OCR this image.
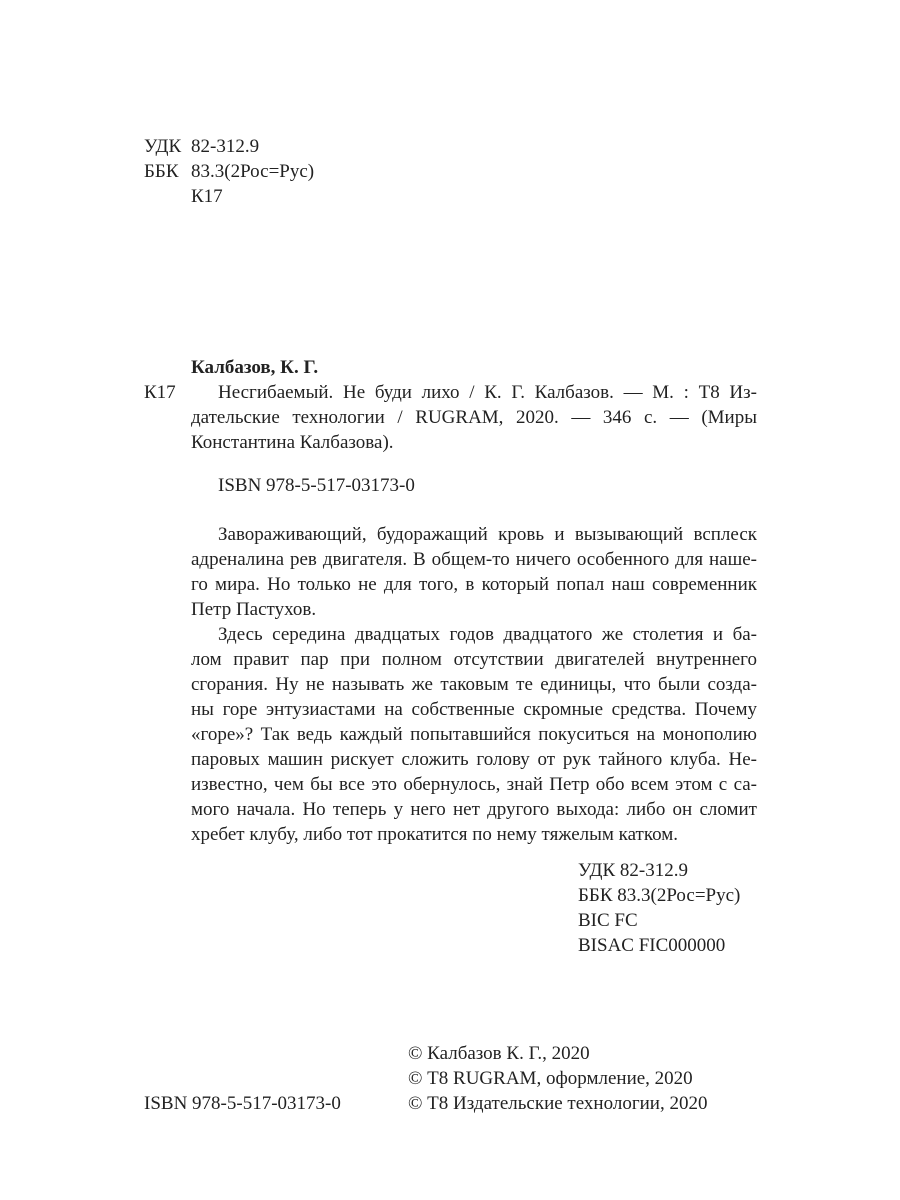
УДК 82-312.9
ББК 83.3(2Рос=Рус)
К17
Калбазов, К. Г.
К17	Несгибаемый. Не буди лихо / К. Г. Калбазов. — М. : Т8 Из-
дательские технологии / RUGRAM, 2020. — 346 с. — (Миры
Константина Калбазова).
ISBN 978-5-517-03173-0
Завораживающий, будоражащий кровь и вызывающий всплеск
адреналина рев двигателя. В общем-то ничего особенного для наше-
го мира. Но только не для того, в который попал наш современник
Петр Пастухов.
Здесь середина двадцатых годов двадцатого же столетия и ба-
лом правит пар при полном отсутствии двигателей внутреннего
сгорания. Ну не называть же таковым те единицы, что были созда-
ны горе энтузиастами на собственные скромные средства. Почему
«горе»? Так ведь каждый попытавшийся покуситься на монополию
паровых машин рискует сложить голову от рук тайного клуба. Не-
известно, чем бы все это обернулось, знай Петр обо всем этом с са-
мого начала. Но теперь у него нет другого выхода: либо он сломит
хребет клубу, либо тот прокатится по нему тяжелым катком.
УДК 82-312.9
ББК 83.3(2Рос=Рус)
BIC FC
BISAC FIC000000
ISBN 978-5-517-03173-0
© Калбазов К. Г., 2020
© Т8 RUGRAM, оформление, 2020
© Т8 Издательские технологии, 2020
